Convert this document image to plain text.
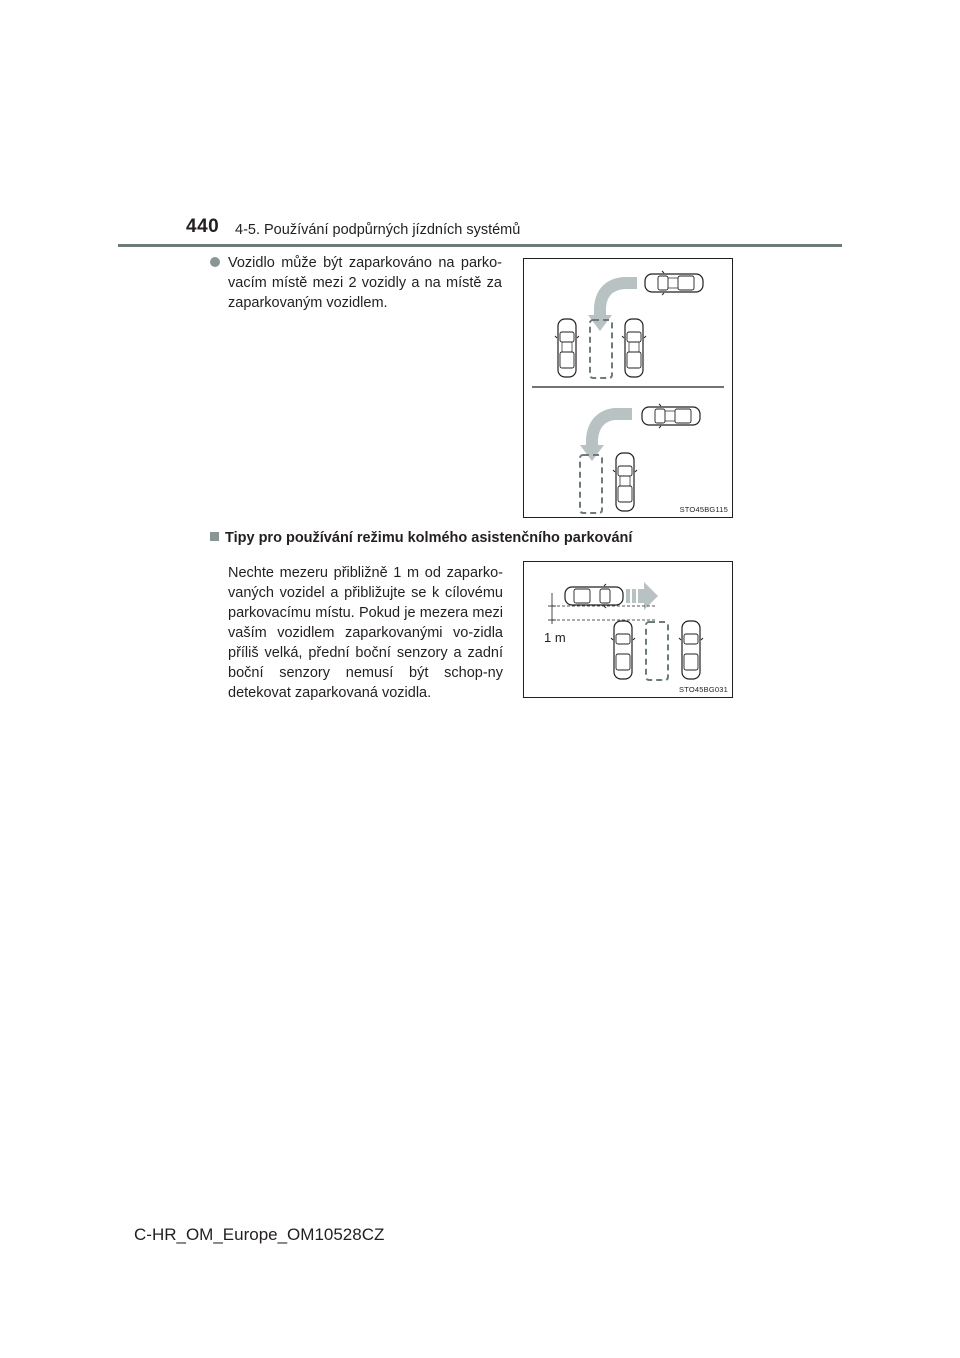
440 4-5. Používání podpůrných jízdních systémů

Vozidlo může být zaparkováno na parko-vacím místě mezi 2 vozidly a na místě za zaparkovaným vozidlem.

STO45BG115
Tipy pro používání režimu kolmého asistenčního parkování

Nechte mezeru přibližně 1 m od zaparko-vaných vozidel a přibližujte se k cílovému parkovacímu místu. Pokud je mezera mezi vaším vozidlem zaparkovanými vo-zidla příliš velká, přední boční senzory a zadní boční senzory nemusí být schop-ny detekovat zaparkovaná vozidla.

1 m
STO45BG031
C-HR_OM_Europe_OM10528CZ
